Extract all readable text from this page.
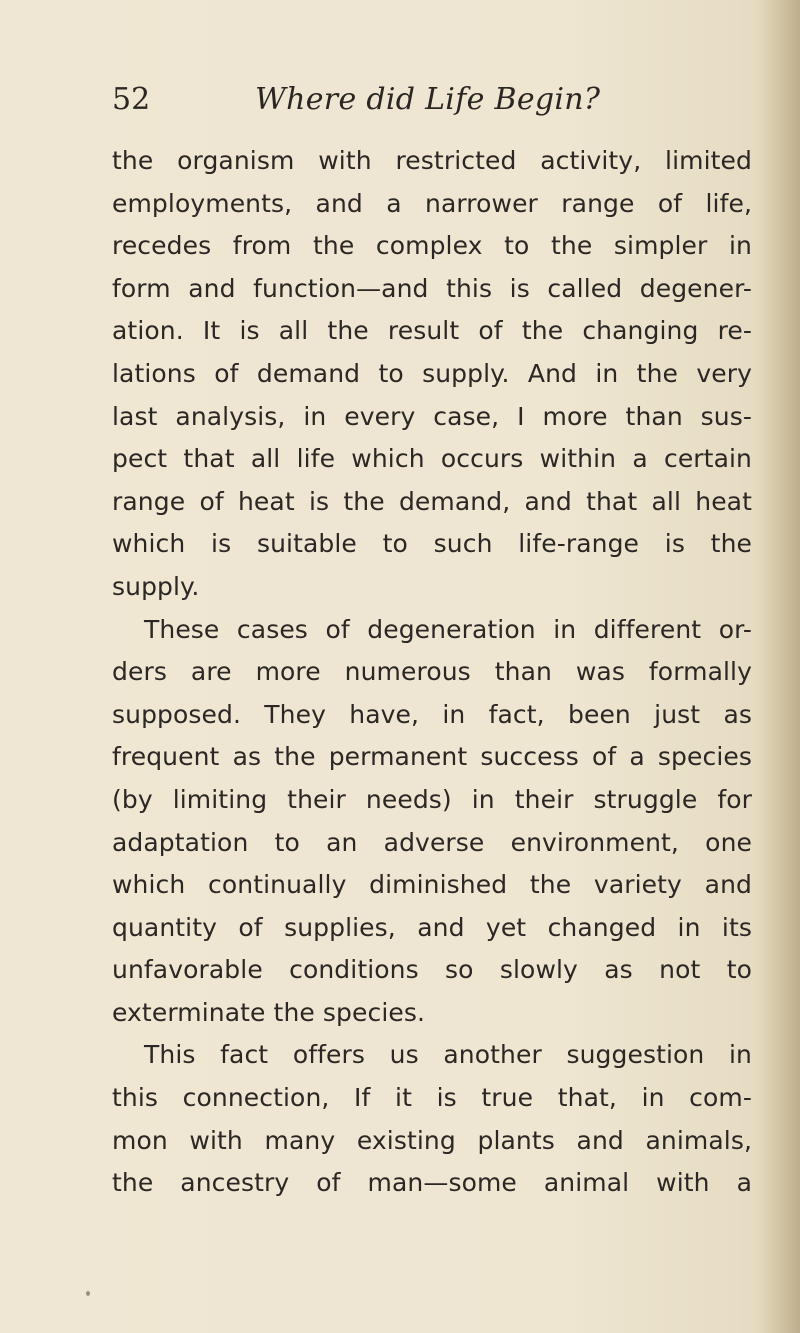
52	Where did Life Begin?
the organism with restricted activity, limited
employments, and a narrower range of life,
recedes from the complex to the simpler in
form and function—and this is called degener-
ation. It is all the result of the changing re-
lations of demand to supply. And in the very
last analysis, in every case, I more than sus-
pect that all life which occurs within a certain
range of heat is the demand, and that all heat
which is suitable to such life-range is the
supply.
These cases of degeneration in different or-
ders are more numerous than was formally
supposed. They have, in fact, been just as
frequent as the permanent success of a species
(by limiting their needs) in their struggle for
adaptation to an adverse environment, one
which continually diminished the variety and
quantity of supplies, and yet changed in its
unfavorable conditions so slowly as not to
exterminate the species.
This fact offers us another suggestion in
this connection, If it is true that, in com-
mon with many existing plants and animals,
the ancestry of man—some animal with a
